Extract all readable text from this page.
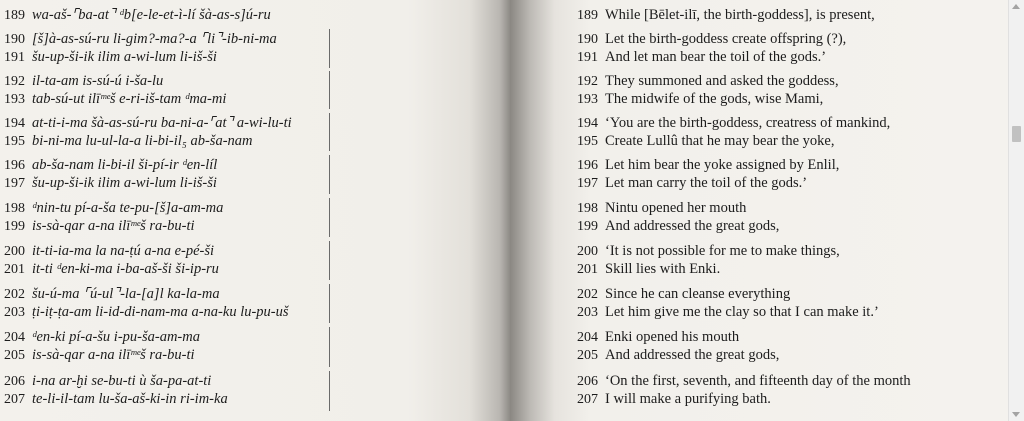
189 wa-aš-⌜ba-at⌝ ᵈb[e-le-et-ì-lí šà-as-s]ú-ru
190 [š]à-as-sú-ru li-gim?-ma?-a ⌜li⌝-ib-ni-ma
191 šu-up-ši-ik ilim a-wi-lum li-iš-ši
192 il-ta-am is-sú-ú i-ša-lu
193 tab-sú-ut ilīᵐᵉš e-ri-iš-tam ᵈma-mi
194 at-ti-i-ma šà-as-sú-ru ba-ni-a-⌜at⌝ a-wi-lu-ti
195 bi-ni-ma lu-ul-la-a li-bi-il₅ ab-ša-nam
196 ab-ša-nam li-bi-il ši-pí-ir ᵈen-líl
197 šu-up-ši-ik ilim a-wi-lum li-iš-ši
198 ᵈnin-tu pí-a-ša te-pu-[š]a-am-ma
199 is-sà-qar a-na ilīᵐᵉš ra-bu-ti
200 it-ti-ia-ma la na-ṭú a-na e-pé-ši
201 it-ti ᵈen-ki-ma i-ba-aš-ši ši-ip-ru
202 šu-ú-ma ⌜ú-ul⌝-la-[a]l ka-la-ma
203 ṭi-iṭ-ṭa-am li-id-di-nam-ma a-na-ku lu-pu-uš
204 ᵈen-ki pí-a-šu i-pu-ša-am-ma
205 is-sà-qar a-na ilīᵐᵉš ra-bu-ti
206 i-na ar-ḫi se-bu-ti ù ša-pa-at-ti
207 te-li-il-tam lu-ša-aš-ki-in ri-im-ka
189 While [Bēlet-ilī, the birth-goddess], is present,
190 Let the birth-goddess create offspring (?),
191 And let man bear the toil of the gods.’
192 They summoned and asked the goddess,
193 The midwife of the gods, wise Mami,
194 ‘You are the birth-goddess, creatress of mankind,
195 Create Lullû that he may bear the yoke,
196 Let him bear the yoke assigned by Enlil,
197 Let man carry the toil of the gods.’
198 Nintu opened her mouth
199 And addressed the great gods,
200 ‘It is not possible for me to make things,
201 Skill lies with Enki.
202 Since he can cleanse everything
203 Let him give me the clay so that I can make it.’
204 Enki opened his mouth
205 And addressed the great gods,
206 ‘On the first, seventh, and fifteenth day of the month
207 I will make a purifying bath.
